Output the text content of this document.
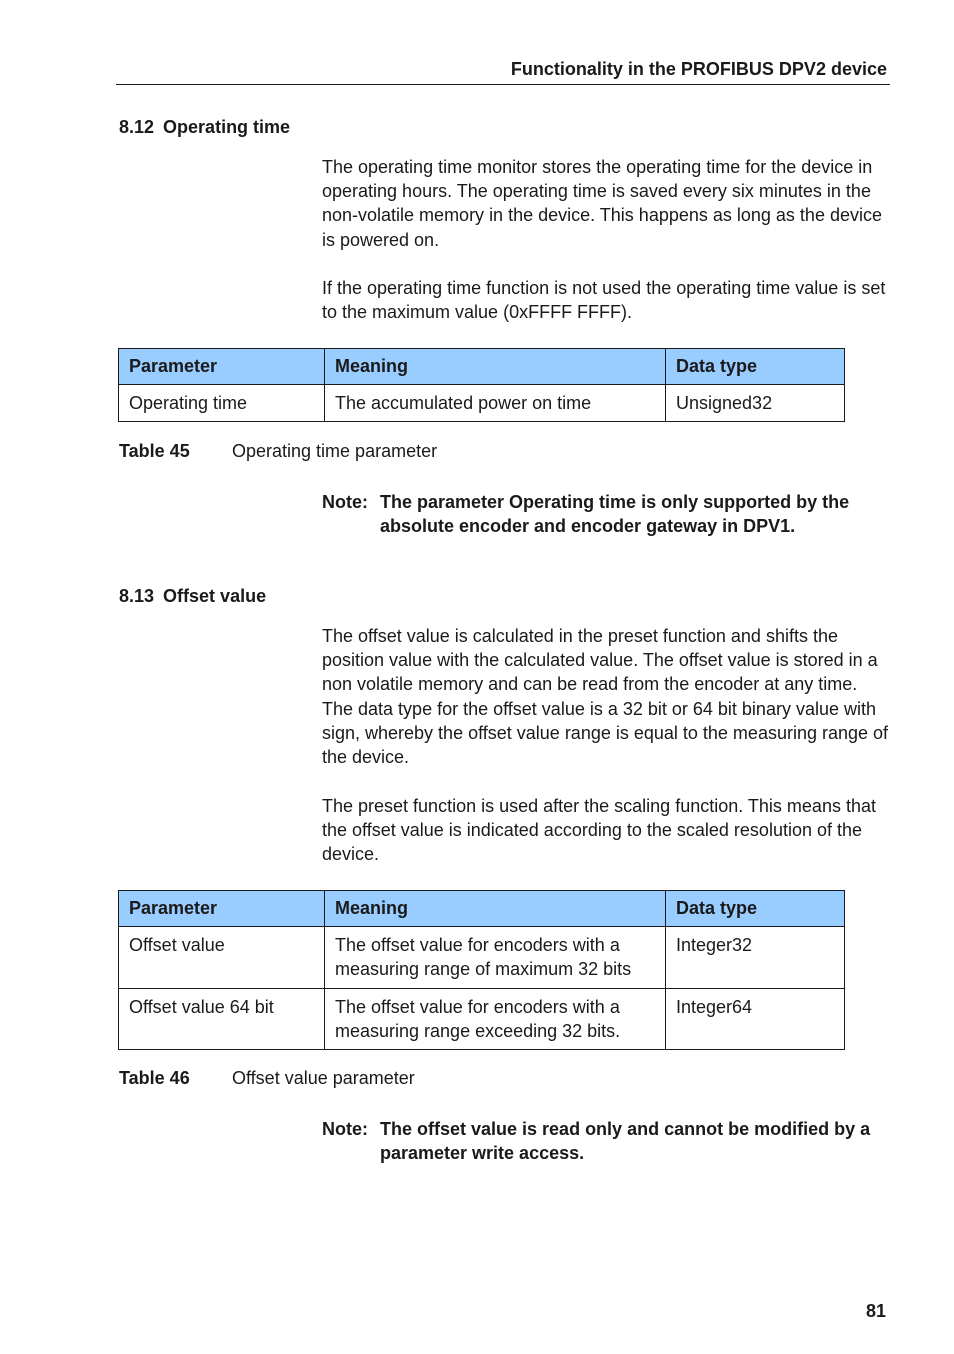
Functionality in the PROFIBUS DPV2 device
8.12 Operating time

The operating time monitor stores the operating time for the device in operating hours. The operating time is saved every six minutes in the non-volatile memory in the device. This happens as long as the device is powered on.

If the operating time function is not used the operating time value is set to the maximum value (0xFFFF FFFF).

Parameter	Meaning	Data type
Operating time	The accumulated power on time	Unsigned32
Table 45 Operating time parameter
Note: The parameter Operating time is only supported by the absolute encoder and encoder gateway in DPV1.
8.13 Offset value

The offset value is calculated in the preset function and shifts the position value with the calculated value. The offset value is stored in a non volatile memory and can be read from the encoder at any time. The data type for the offset value is a 32 bit or 64 bit binary value with sign, whereby the offset value range is equal to the measuring range of the device.

The preset function is used after the scaling function. This means that the offset value is indicated according to the scaled resolution of the device.

Parameter	Meaning	Data type
Offset value	The offset value for encoders with a measuring range of maximum 32 bits	Integer32
Offset value 64 bit	The offset value for encoders with a measuring range exceeding 32 bits.	Integer64
Table 46 Offset value parameter
Note: The offset value is read only and cannot be modified by a parameter write access.
81
